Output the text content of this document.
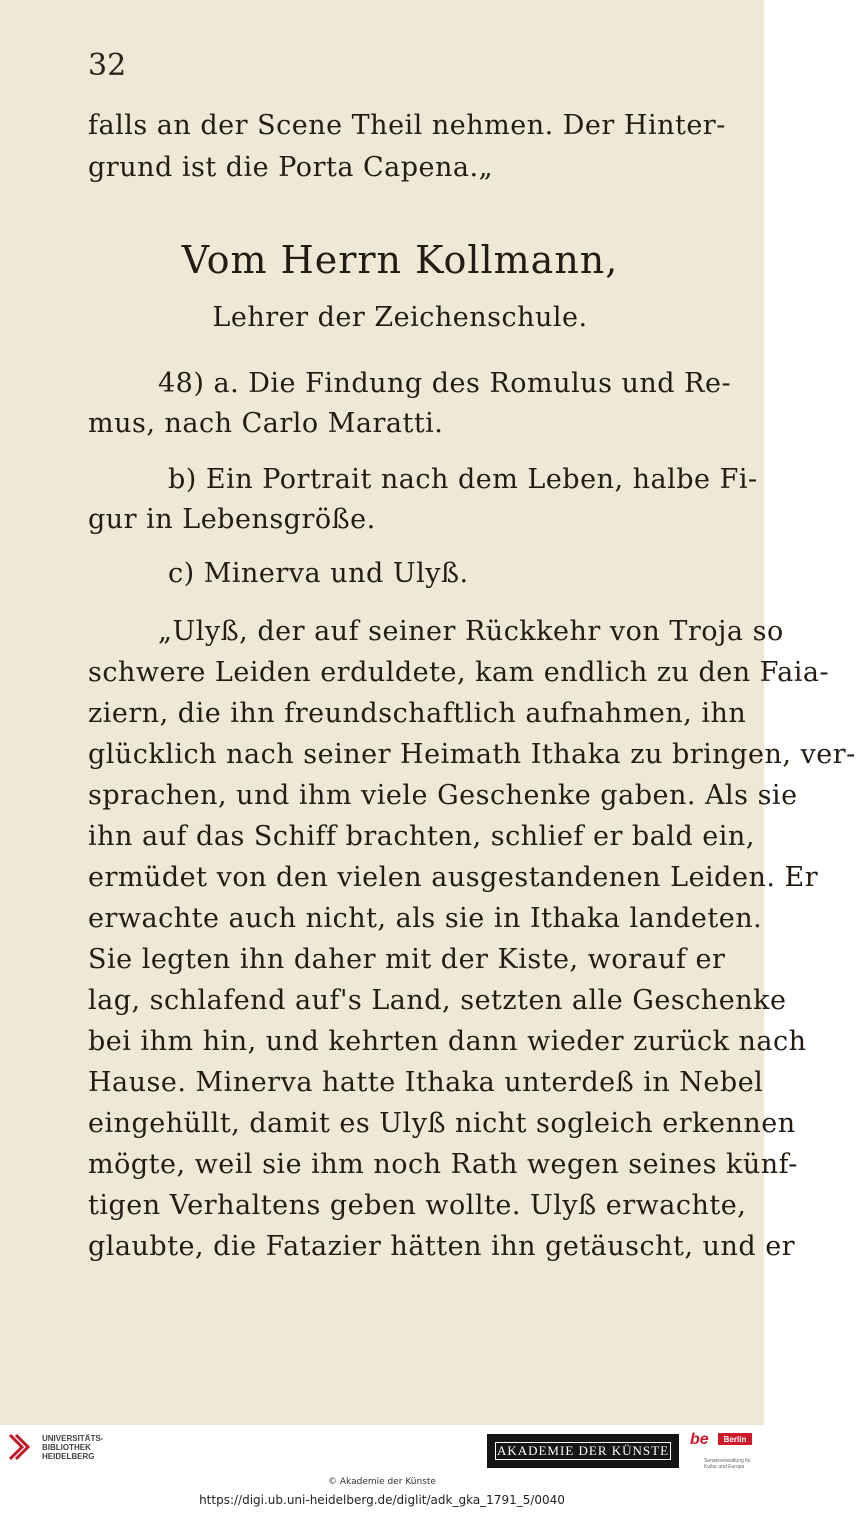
32
falls an der Scene Theil nehmen. Der Hinter-
grund ist die Porta Capena.„
Vom Herrn Kollmann,
Lehrer der Zeichenschule.
48) a. Die Findung des Romulus und Re-
mus, nach Carlo Maratti.
b) Ein Portrait nach dem Leben, halbe Fi-
gur in Lebensgröße.
c) Minerva und Ulyß.
„Ulyß, der auf seiner Rückkehr von Troja so
schwere Leiden erduldete, kam endlich zu den Faia-
ziern, die ihn freundschaftlich aufnahmen, ihn
glücklich nach seiner Heimath Ithaka zu bringen, ver-
sprachen, und ihm viele Geschenke gaben. Als sie
ihn auf das Schiff brachten, schlief er bald ein,
ermüdet von den vielen ausgestandenen Leiden. Er
erwachte auch nicht, als sie in Ithaka landeten.
Sie legten ihn daher mit der Kiste, worauf er
lag, schlafend auf's Land, setzten alle Geschenke
bei ihm hin, und kehrten dann wieder zurück nach
Hause. Minerva hatte Ithaka unterdeß in Nebel
eingehüllt, damit es Ulyß nicht sogleich erkennen
mögte, weil sie ihm noch Rath wegen seines künf-
tigen Verhaltens geben wollte. Ulyß erwachte,
glaubte, die Fatazier hätten ihn getäuscht, und er
UNIVERSITÄTS-
BIBLIOTHEK
HEIDELBERG	AKADEMIE DER KÜNSTE
be	Berlin
Senatsverwaltung für Kultur und Europa
© Akademie der Künste
https://digi.ub.uni-heidelberg.de/diglit/adk_gka_1791_5/0040
